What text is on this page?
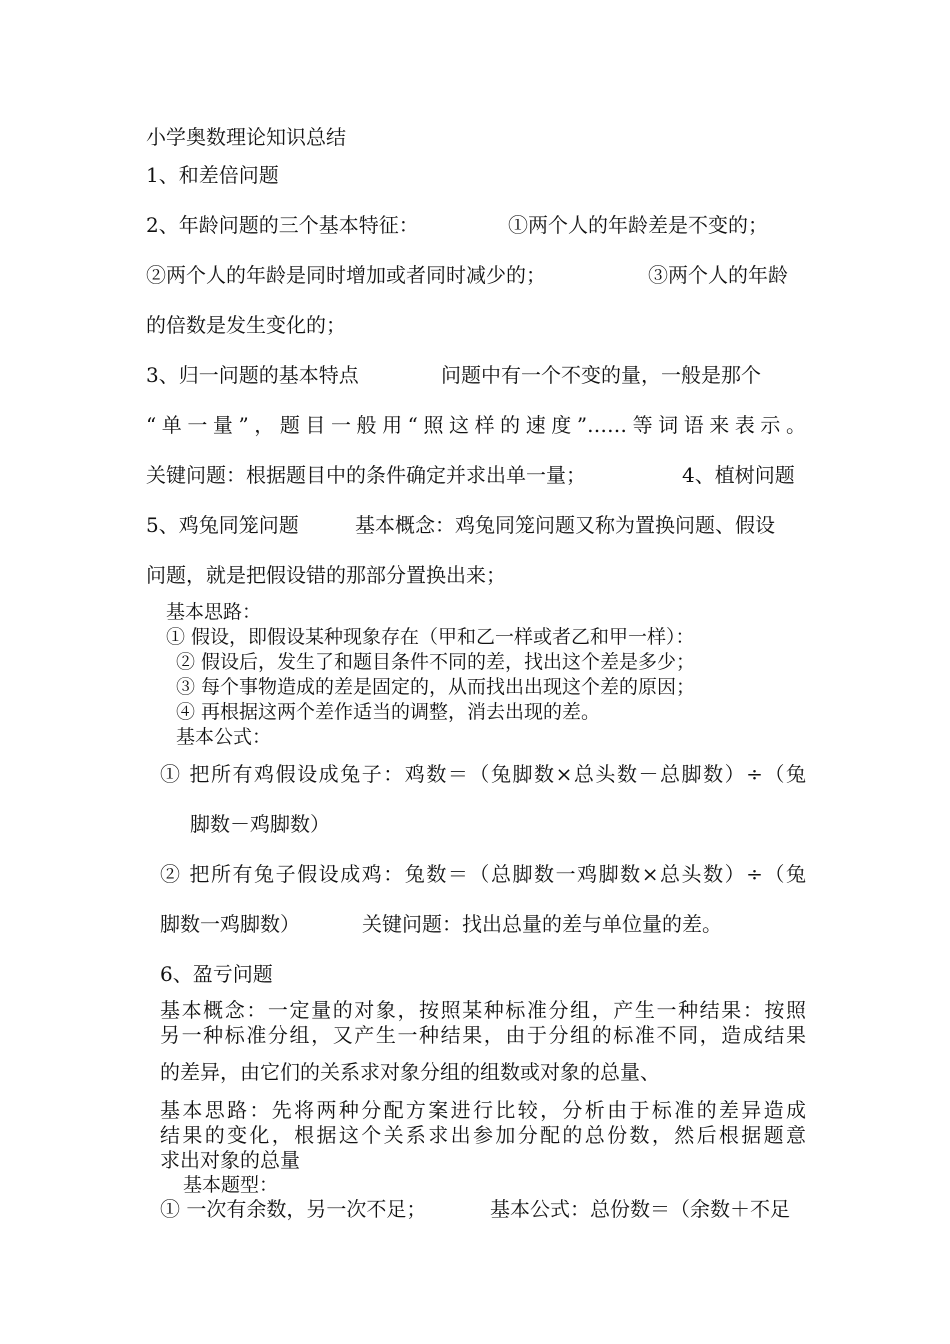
小学奥数理论知识总结
1、和差倍问题
2、年龄问题的三个基本特征：	①两个人的年龄差是不变的；
②两个人的年龄是同时增加或者同时减少的；	③两个人的年龄
的倍数是发生变化的；
3、归一问题的基本特点	问题中有一个不变的量，一般是那个
“单一量”，题目一般用“照这样的速度”……等词语来表示。
关键问题：根据题目中的条件确定并求出单一量；	4、植树问题
5、鸡兔同笼问题	基本概念：鸡兔同笼问题又称为置换问题、假设
问题，就是把假设错的那部分置换出来；
基本思路：
① 假设，即假设某种现象存在（甲和乙一样或者乙和甲一样）：
② 假设后，发生了和题目条件不同的差，找出这个差是多少；
③ 每个事物造成的差是固定的，从而找出出现这个差的原因；
④ 再根据这两个差作适当的调整，消去出现的差。
基本公式：
① 把所有鸡假设成兔子：鸡数＝（兔脚数×总头数－总脚数）÷（兔
脚数－鸡脚数）
② 把所有兔子假设成鸡：兔数＝（总脚数一鸡脚数×总头数）÷（兔
脚数一鸡脚数）	关键问题：找出总量的差与单位量的差。
6、盈亏问题
基本概念：一定量的对象，按照某种标准分组，产生一种结果：按照
另一种标准分组，又产生一种结果，由于分组的标准不同，造成结果
的差异，由它们的关系求对象分组的组数或对象的总量、
基本思路：先将两种分配方案进行比较，分析由于标准的差异造成
结果的变化，根据这个关系求出参加分配的总份数，然后根据题意
求出对象的总量
基本题型：
① 一次有余数，另一次不足；	基本公式：总份数＝（余数＋不足
